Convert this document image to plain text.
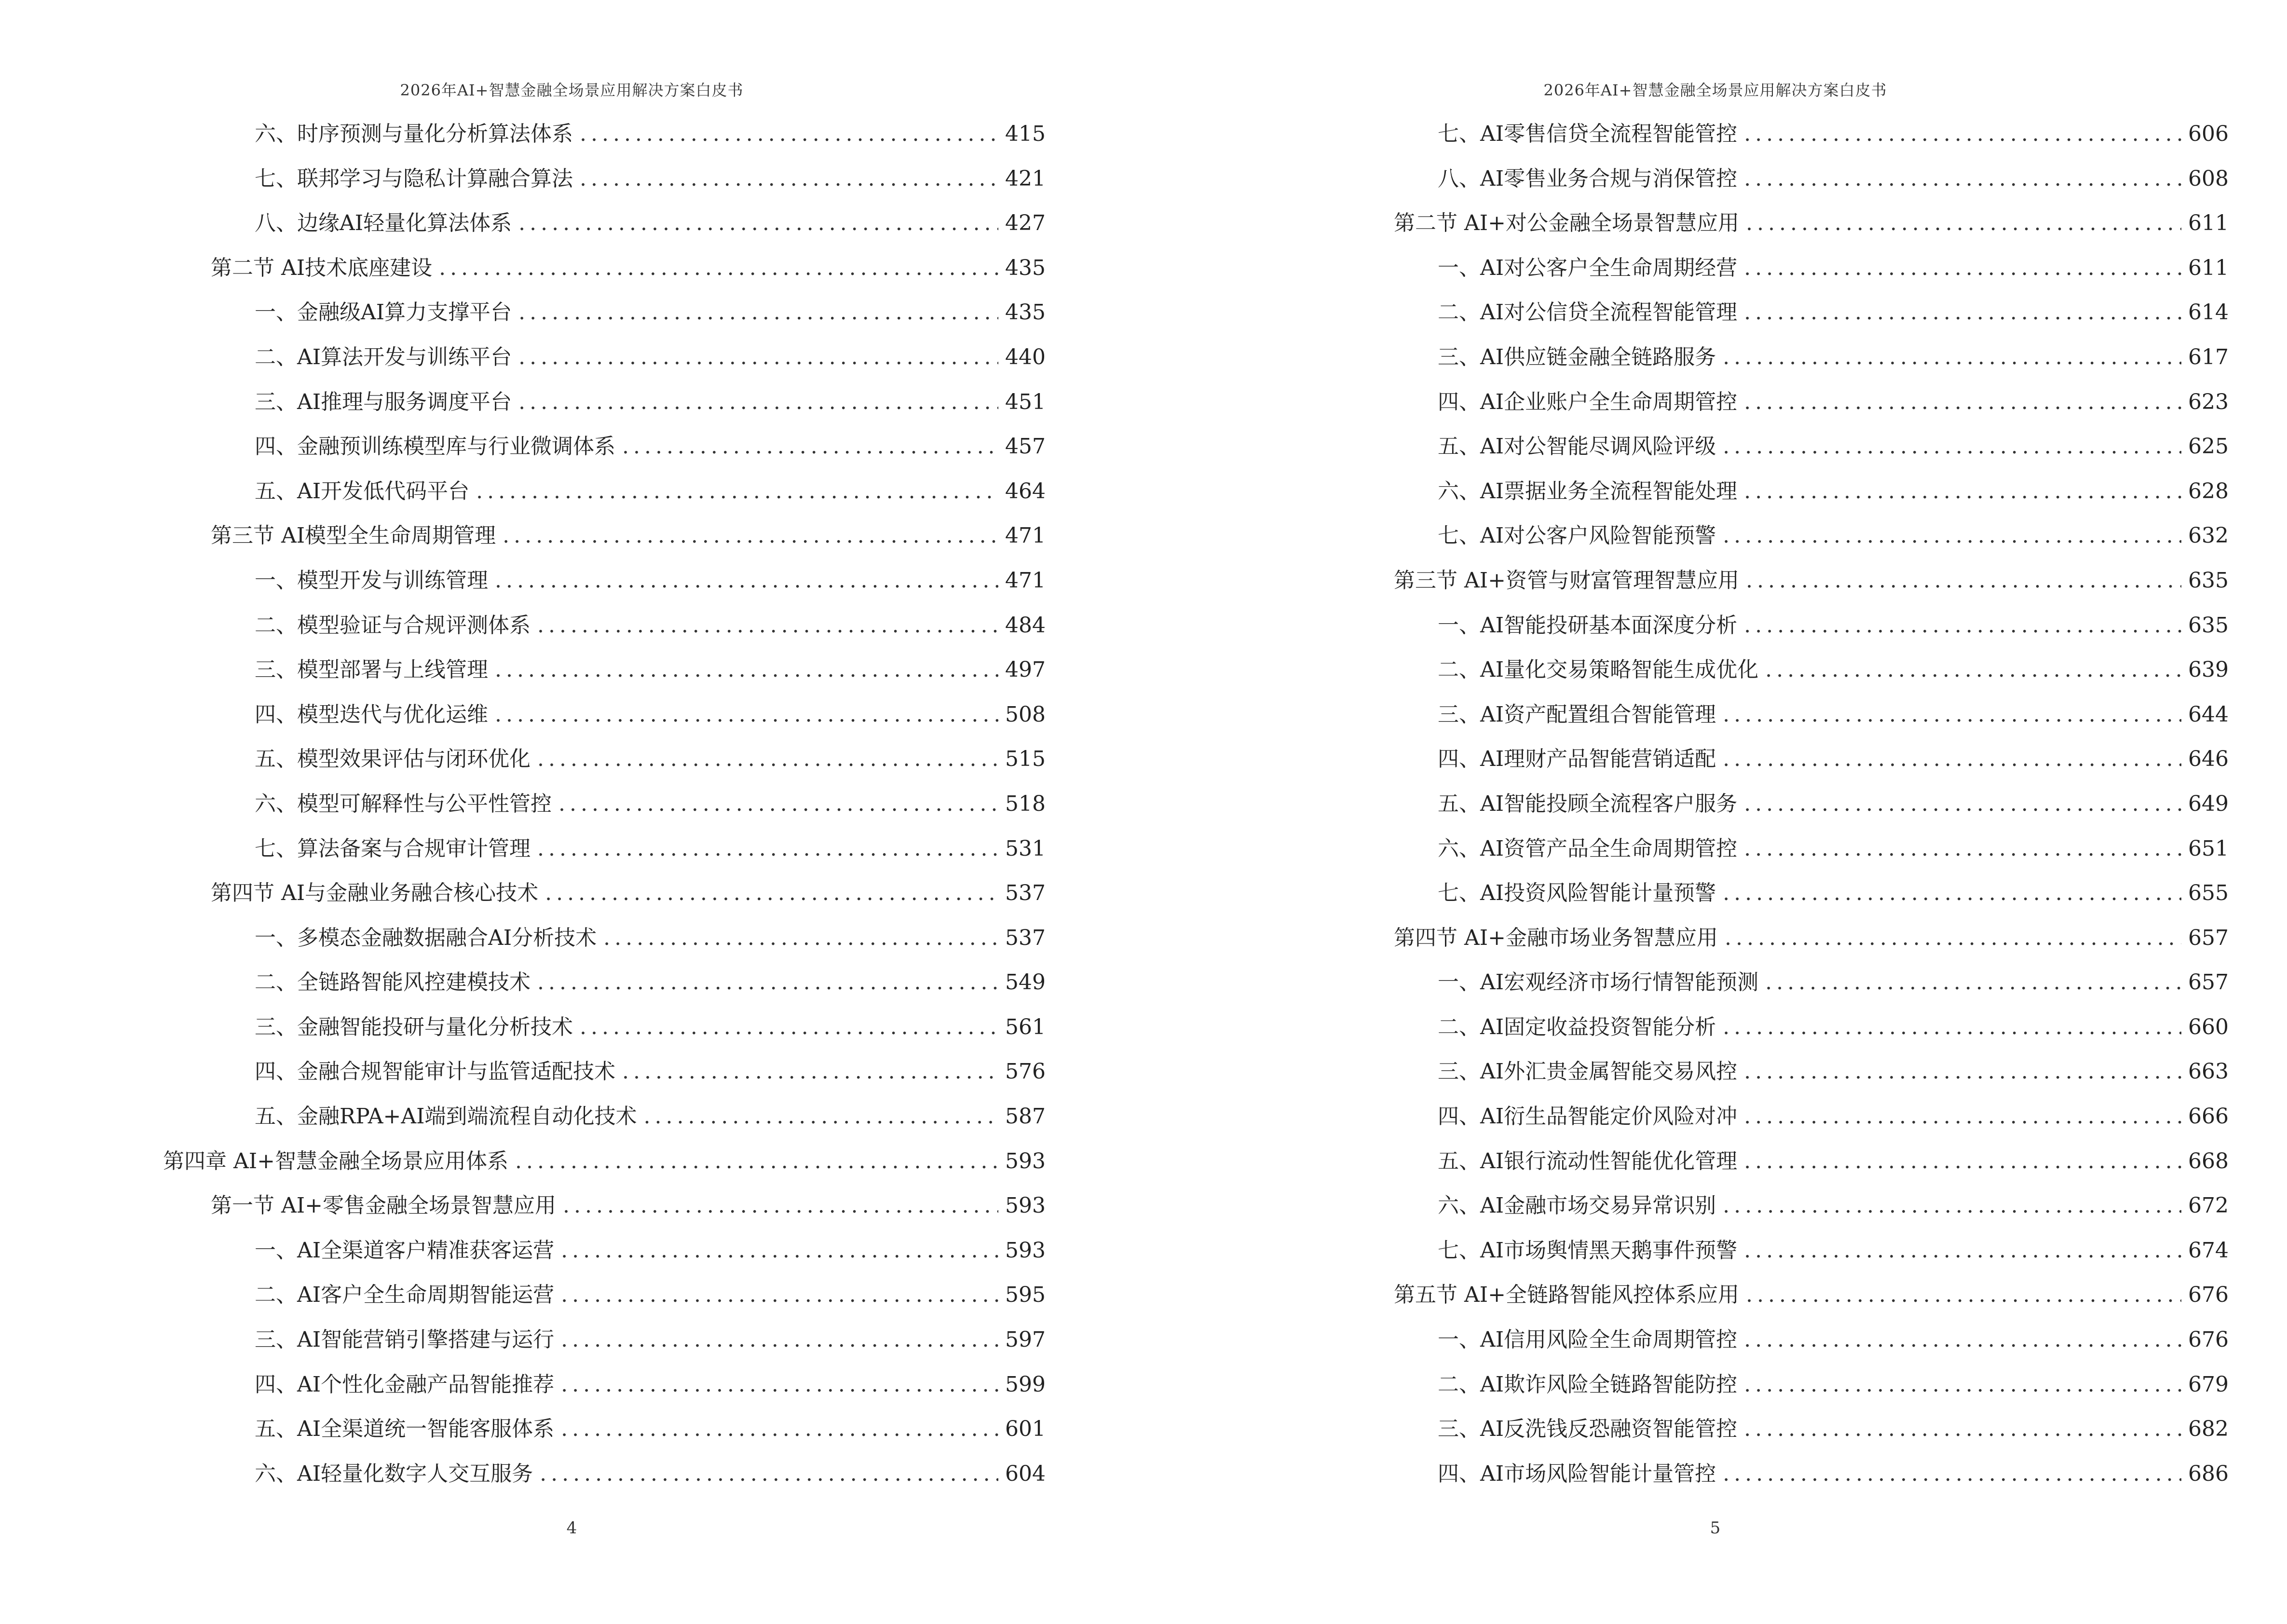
2026年AI+智慧金融全场景应用解决方案白皮书
六、时序预测与量化分析算法体系 .....	415
七、联邦学习与隐私计算融合算法 .....	421
八、边缘AI轻量化算法体系 .....	427
第二节 AI技术底座建设 .....	435
一、金融级AI算力支撑平台 .....	435
二、AI算法开发与训练平台 .....	440
三、AI推理与服务调度平台 .....	451
四、金融预训练模型库与行业微调体系 .....	457
五、AI开发低代码平台 .....	464
第三节 AI模型全生命周期管理 .....	471
一、模型开发与训练管理 .....	471
二、模型验证与合规评测体系 .....	484
三、模型部署与上线管理 .....	497
四、模型迭代与优化运维 .....	508
五、模型效果评估与闭环优化 .....	515
六、模型可解释性与公平性管控 .....	518
七、算法备案与合规审计管理 .....	531
第四节 AI与金融业务融合核心技术 .....	537
一、多模态金融数据融合AI分析技术 .....	537
二、全链路智能风控建模技术 .....	549
三、金融智能投研与量化分析技术 .....	561
四、金融合规智能审计与监管适配技术 .....	576
五、金融RPA+AI端到端流程自动化技术 .....	587
第四章 AI+智慧金融全场景应用体系 .....	593
第一节 AI+零售金融全场景智慧应用 .....	593
一、AI全渠道客户精准获客运营 .....	593
二、AI客户全生命周期智能运营 .....	595
三、AI智能营销引擎搭建与运行 .....	597
四、AI个性化金融产品智能推荐 .....	599
五、AI全渠道统一智能客服体系 .....	601
六、AI轻量化数字人交互服务 .....	604
4
2026年AI+智慧金融全场景应用解决方案白皮书
七、AI零售信贷全流程智能管控 .....	606
八、AI零售业务合规与消保管控 .....	608
第二节 AI+对公金融全场景智慧应用 .....	611
一、AI对公客户全生命周期经营 .....	611
二、AI对公信贷全流程智能管理 .....	614
三、AI供应链金融全链路服务 .....	617
四、AI企业账户全生命周期管控 .....	623
五、AI对公智能尽调风险评级 .....	625
六、AI票据业务全流程智能处理 .....	628
七、AI对公客户风险智能预警 .....	632
第三节 AI+资管与财富管理智慧应用 .....	635
一、AI智能投研基本面深度分析 .....	635
二、AI量化交易策略智能生成优化 .....	639
三、AI资产配置组合智能管理 .....	644
四、AI理财产品智能营销适配 .....	646
五、AI智能投顾全流程客户服务 .....	649
六、AI资管产品全生命周期管控 .....	651
七、AI投资风险智能计量预警 .....	655
第四节 AI+金融市场业务智慧应用 .....	657
一、AI宏观经济市场行情智能预测 .....	657
二、AI固定收益投资智能分析 .....	660
三、AI外汇贵金属智能交易风控 .....	663
四、AI衍生品智能定价风险对冲 .....	666
五、AI银行流动性智能优化管理 .....	668
六、AI金融市场交易异常识别 .....	672
七、AI市场舆情黑天鹅事件预警 .....	674
第五节 AI+全链路智能风控体系应用 .....	676
一、AI信用风险全生命周期管控 .....	676
二、AI欺诈风险全链路智能防控 .....	679
三、AI反洗钱反恐融资智能管控 .....	682
四、AI市场风险智能计量管控 .....	686
5
